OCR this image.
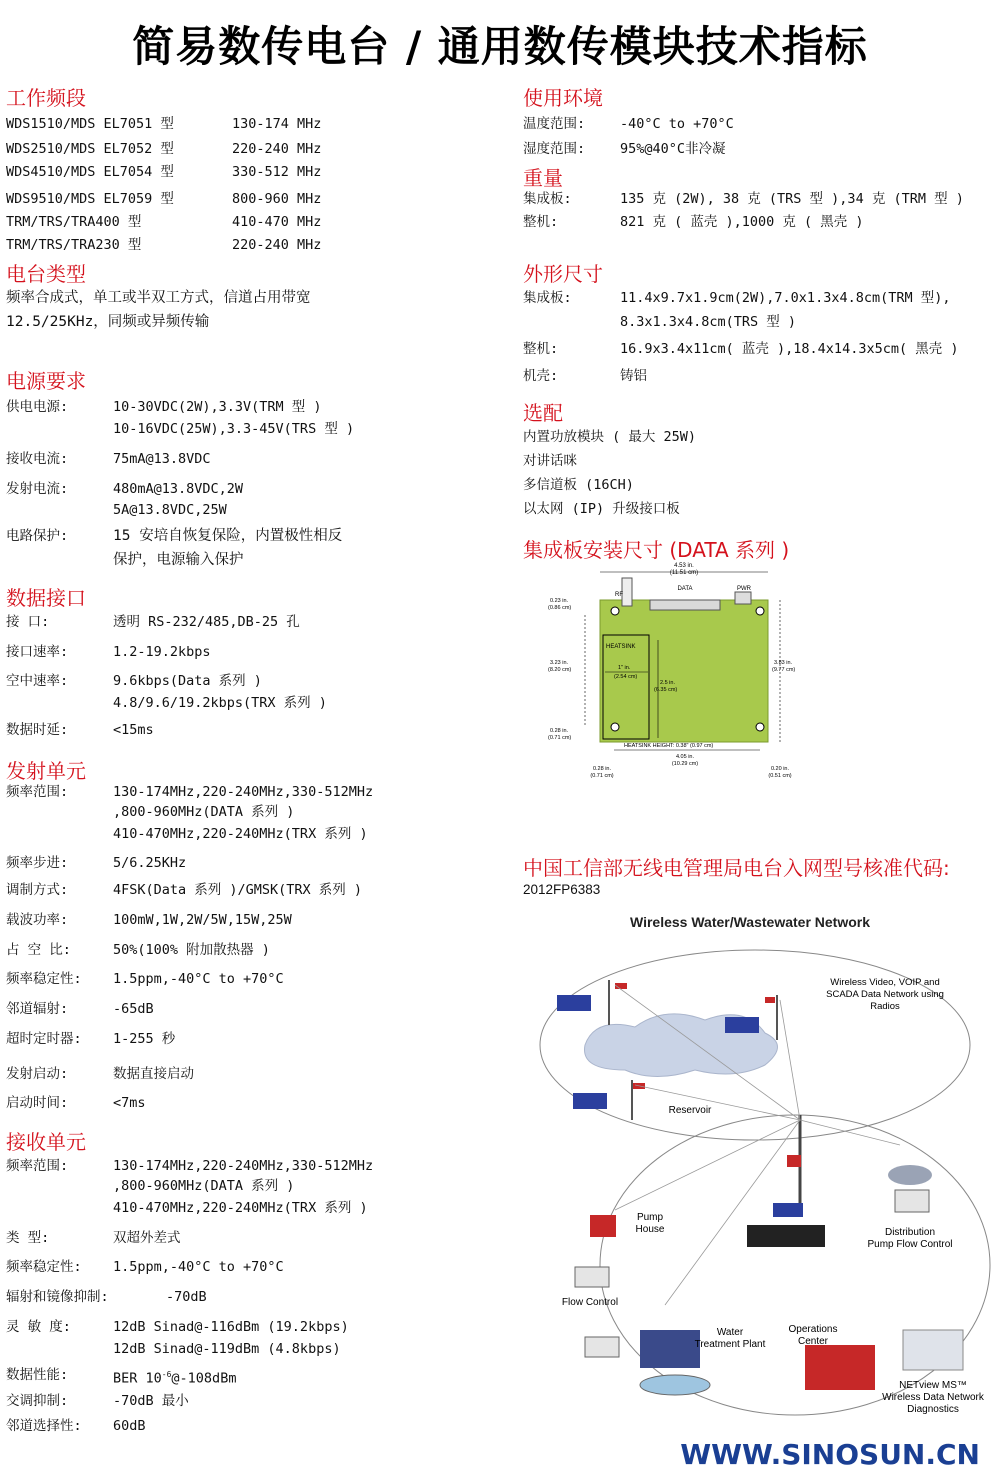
简易数传电台 / 通用数传模块技术指标
工作频段
WDS1510/MDS EL7051 型	130-174 MHz
WDS2510/MDS EL7052 型	220-240 MHz
WDS4510/MDS EL7054 型	330-512 MHz
WDS9510/MDS EL7059 型	800-960 MHz
TRM/TRS/TRA400 型	410-470 MHz
TRM/TRS/TRA230 型	220-240 MHz
电台类型
频率合成式，单工或半双工方式，信道占用带宽
12.5/25KHz，同频或异频传输
电源要求
供电电源:	10-30VDC(2W),3.3V(TRM 型 )
10-16VDC(25W),3.3-45V(TRS 型 )
接收电流:	75mA@13.8VDC
发射电流:	480mA@13.8VDC,2W
5A@13.8VDC,25W
电路保护:	15 安培自恢复保险，内置极性相反
保护，电源输入保护
数据接口
接 口:	透明 RS-232/485,DB-25 孔
接口速率:	1.2-19.2kbps
空中速率:	9.6kbps(Data 系列 )
4.8/9.6/19.2kbps(TRX 系列 )
数据时延:	<15ms
发射单元
频率范围:	130-174MHz,220-240MHz,330-512MHz
,800-960MHz(DATA 系列 )
410-470MHz,220-240MHz(TRX 系列 )
频率步进:	5/6.25KHz
调制方式:	4FSK(Data 系列 )/GMSK(TRX 系列 )
载波功率:	100mW,1W,2W/5W,15W,25W
占 空 比:	50%(100% 附加散热器 )
频率稳定性: 1.5ppm,-40°C to +70°C
邻道辐射:	-65dB
超时定时器: 1-255 秒
发射启动:	数据直接启动
启动时间:	<7ms
接收单元
频率范围:	130-174MHz,220-240MHz,330-512MHz
,800-960MHz(DATA 系列 )
410-470MHz,220-240MHz(TRX 系列 )
类 型:	双超外差式
频率稳定性: 1.5ppm,-40°C to +70°C
辐射和镜像抑制:	-70dB
灵 敏 度:	12dB Sinad@-116dBm (19.2kbps)
12dB Sinad@-119dBm (4.8kbps)
数据性能:	BER $10^{-6}@-108dBm$
交调抑制:	-70dB 最小
邻道选择性: 60dB
使用环境
温度范围:	-40°C to +70°C
湿度范围:	95%@40°C非冷凝
重量
集成板:	135 克 (2W), 38 克 (TRS 型 ),34 克 (TRM 型 )
整机:	821 克 ( 蓝壳 ),1000 克 ( 黑壳 )
外形尺寸
集成板:	11.4x9.7x1.9cm(2W),7.0x1.3x4.8cm(TRM 型),
8.3x1.3x4.8cm(TRS 型 )
整机:	16.9x3.4x11cm( 蓝壳 ),18.4x14.3x5cm( 黑壳 )
机壳:	铸铝
选配
内置功放模块 ( 最大 25W)
对讲话咪
多信道板 (16CH)
以太网 (IP) 升级接口板
集成板安装尺寸 (DATA 系列 )
4.53 in.
(11.51 cm)
DATA
RF
PWR
0.23 in.
(0.86 cm)
HEATSINK
3.23 in.
(8.20 cm)
3.83 in.
(9.77 cm)
1" in.
(2.54 cm)
2.5 in.
(6.35 cm)
0.28 in.
(0.71 cm)
HEATSINK HEIGHT: 0.38" (0.97 cm)
4.05 in.
(10.29 cm)
0.28 in.
(0.71 cm)
0.20 in.
(0.51 cm)
中国工信部无线电管理局电台入网型号核准代码:
2012FP6383
Wireless Water/Wastewater Network
Reservoir
Wireless Video, VOIP and
SCADA Data Network using
Radios
Pump
House	Distribution
Pump Flow Control
Flow Control
Water
Treatment Plant
Operations
Center
NETview MS™
Wireless Data Network
Diagnostics
WWW.SINOSUN.CN
